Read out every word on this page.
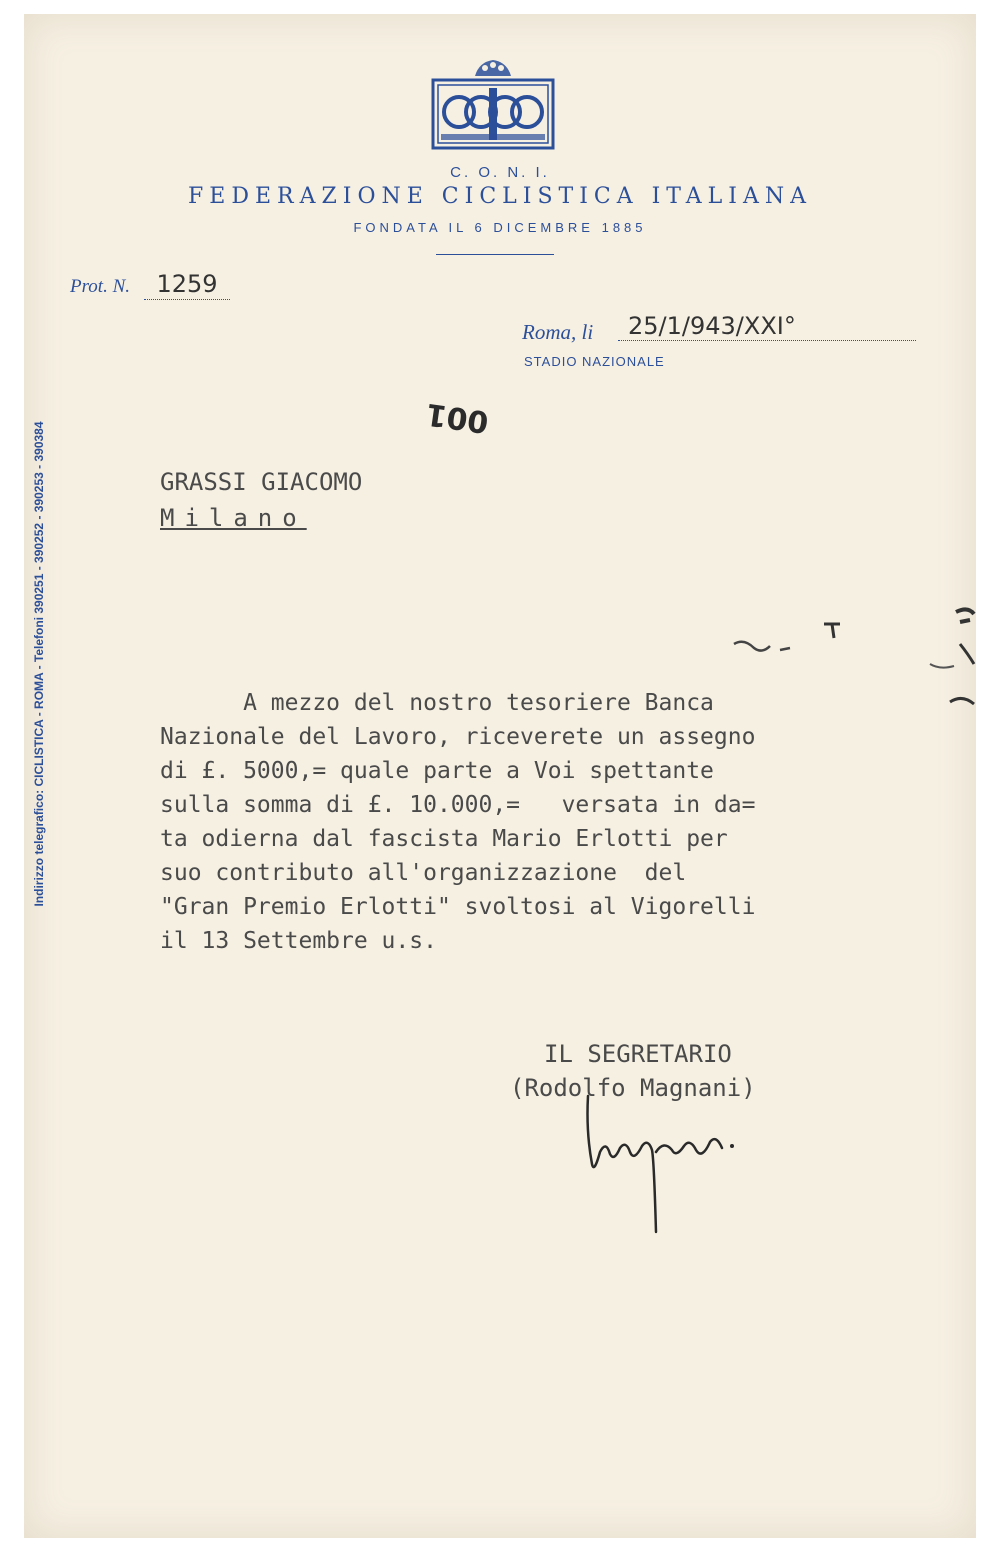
C. O. N. I.
FEDERAZIONE CICLISTICA ITALIANA
FONDATA IL 6 DICEMBRE 1885
Indirizzo telegrafico: CICLISTICA - ROMA - Telefoni 390251 - 390252 - 390253 - 390384
Prot. N.	1259
Roma, li	25/1/943/XXI°
STADIO NAZIONALE
001
GRASSI GIACOMO
Milano
A mezzo del nostro tesoriere Banca
Nazionale del Lavoro, riceverete un assegno
di £. 5000,= quale parte a Voi spettante
sulla somma di £. 10.000,=   versata in da=
ta odierna dal fascista Mario Erlotti per
suo contributo all'organizzazione  del
"Gran Premio Erlotti" svoltosi al Vigorelli
il 13 Settembre u.s.
IL SEGRETARIO
(Rodolfo Magnani)
